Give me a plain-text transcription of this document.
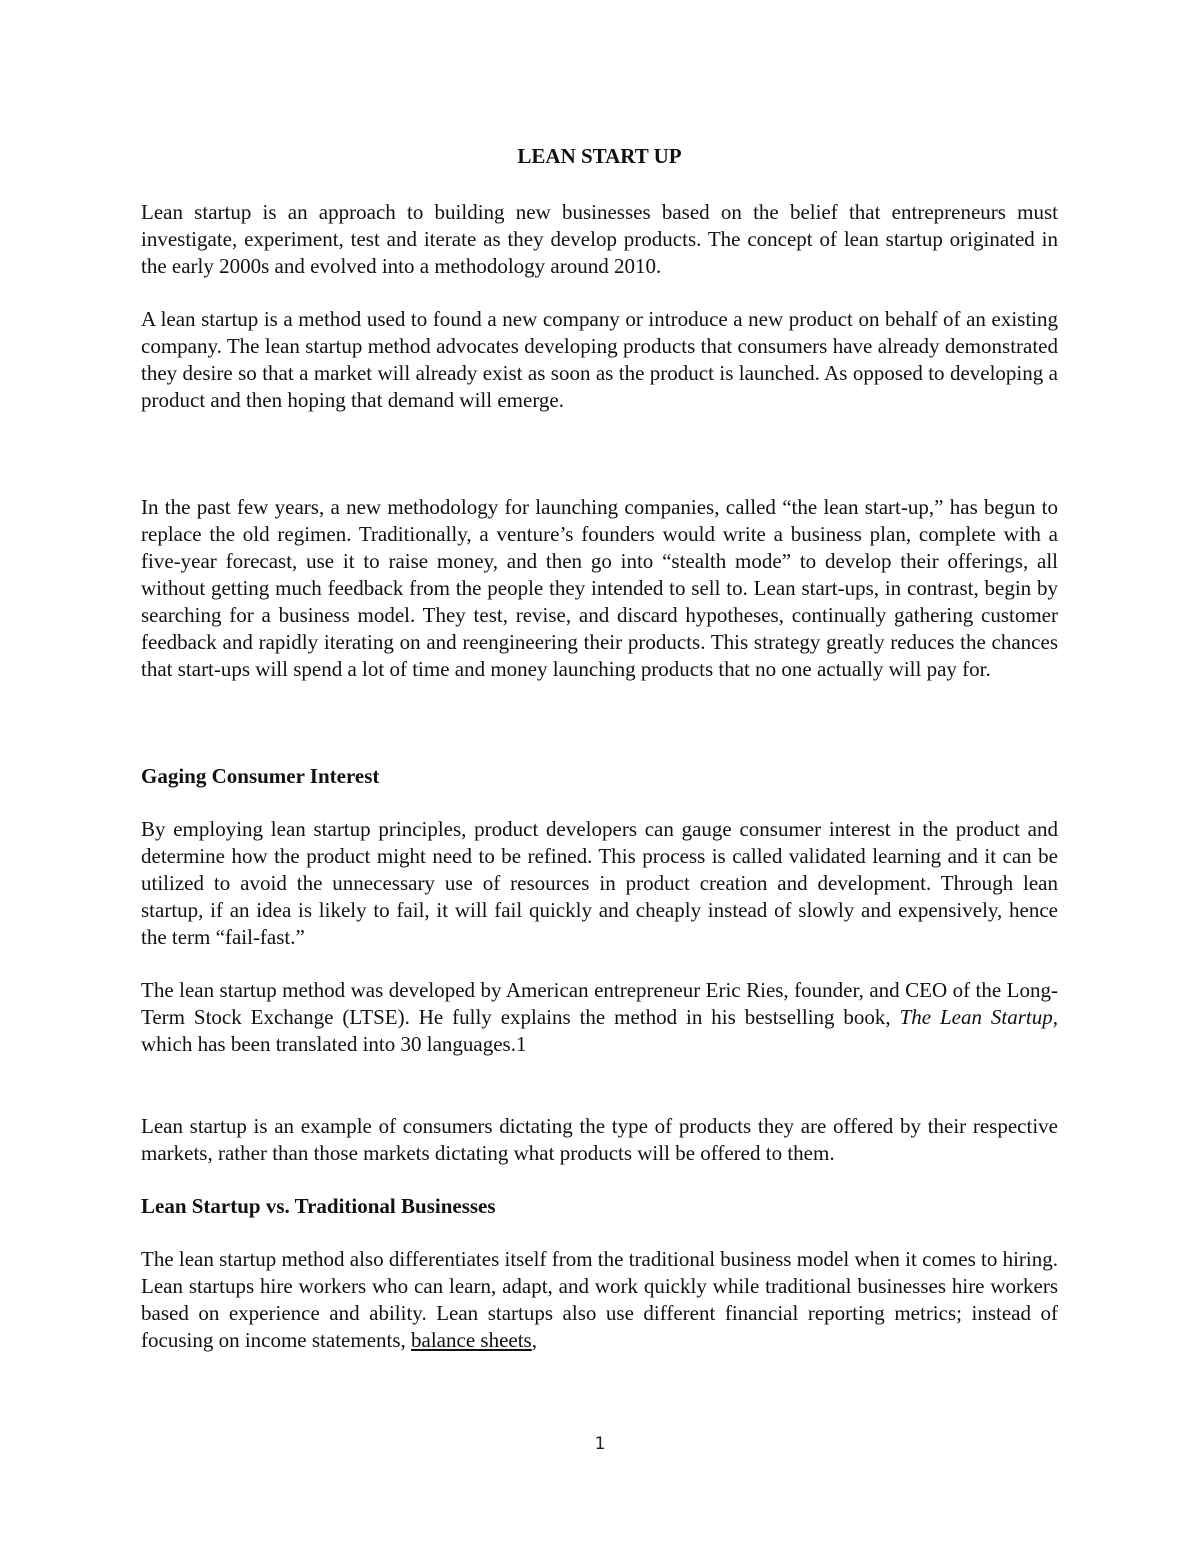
LEAN START UP

Lean startup is an approach to building new businesses based on the belief that entrepreneurs must investigate, experiment, test and iterate as they develop products. The concept of lean startup originated in the early 2000s and evolved into a methodology around 2010.

A lean startup is a method used to found a new company or introduce a new product on behalf of an existing company. The lean startup method advocates developing products that consumers have already demonstrated they desire so that a market will already exist as soon as the product is launched. As opposed to developing a product and then hoping that demand will emerge.

In the past few years, a new methodology for launching companies, called “the lean start-up,” has begun to replace the old regimen. Traditionally, a venture’s founders would write a business plan, complete with a five-year forecast, use it to raise money, and then go into “stealth mode” to develop their offerings, all without getting much feedback from the people they intended to sell to. Lean start-ups, in contrast, begin by searching for a business model. They test, revise, and discard hypotheses, continually gathering customer feedback and rapidly iterating on and reengineering their products. This strategy greatly reduces the chances that start-ups will spend a lot of time and money launching products that no one actually will pay for.

Gaging Consumer Interest

By employing lean startup principles, product developers can gauge consumer interest in the product and determine how the product might need to be refined. This process is called validated learning and it can be utilized to avoid the unnecessary use of resources in product creation and development. Through lean startup, if an idea is likely to fail, it will fail quickly and cheaply instead of slowly and expensively, hence the term “fail-fast.”

The lean startup method was developed by American entrepreneur Eric Ries, founder, and CEO of the Long-Term Stock Exchange (LTSE). He fully explains the method in his bestselling book, The Lean Startup, which has been translated into 30 languages.1

Lean startup is an example of consumers dictating the type of products they are offered by their respective markets, rather than those markets dictating what products will be offered to them.

Lean Startup vs. Traditional Businesses

The lean startup method also differentiates itself from the traditional business model when it comes to hiring. Lean startups hire workers who can learn, adapt, and work quickly while traditional businesses hire workers based on experience and ability. Lean startups also use different financial reporting metrics; instead of focusing on income statements, balance sheets,

1
